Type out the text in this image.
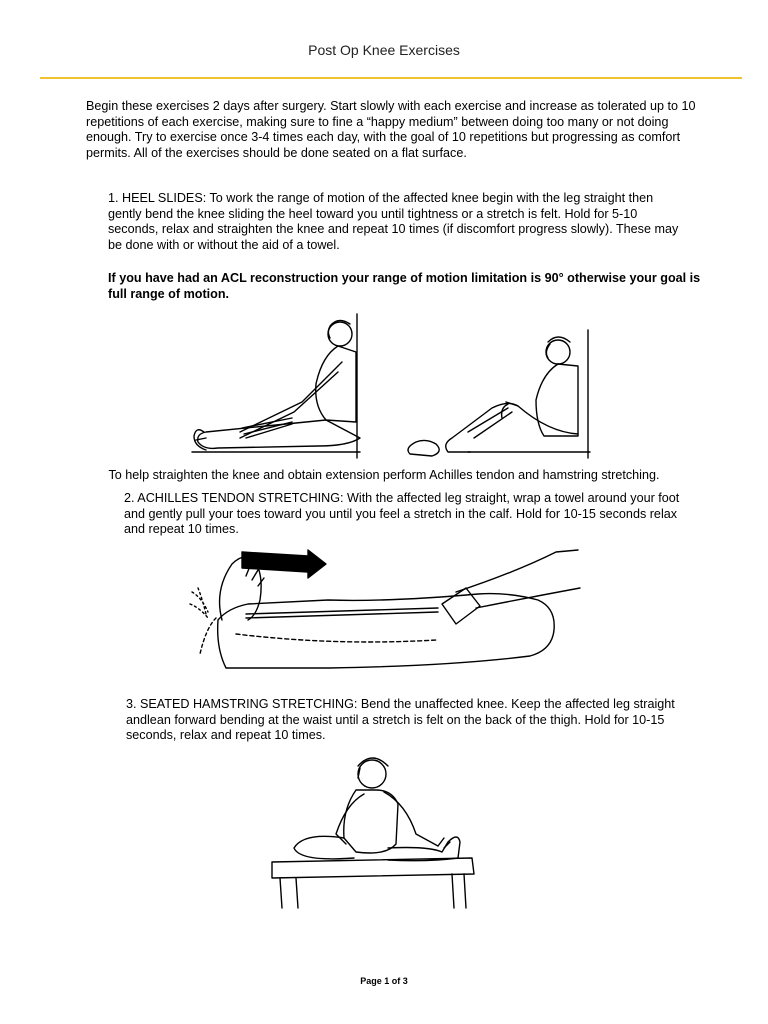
Post Op Knee Exercises

Begin these exercises 2 days after surgery. Start slowly with each exercise and increase as tolerated up to 10 repetitions of each exercise, making sure to fine a “happy medium” between doing too many or not doing enough. Try to exercise once 3-4 times each day, with the goal of 10 repetitions but progressing as comfort permits. All of the exercises should be done seated on a flat surface.

1. HEEL SLIDES: To work the range of motion of the affected knee begin with the leg straight then gently bend the knee sliding the heel toward you until tightness or a stretch is felt. Hold for 5-10 seconds, relax and straighten the knee and repeat 10 times (if discomfort progress slowly). These may be done with or without the aid of a towel.

If you have had an ACL reconstruction your range of motion limitation is 90° otherwise your goal is full range of motion.

To help straighten the knee and obtain extension perform Achilles tendon and hamstring stretching.

2. ACHILLES TENDON STRETCHING: With the affected leg straight, wrap a towel around your foot and gently pull your toes toward you until you feel a stretch in the calf. Hold for 10-15 seconds relax and repeat 10 times.

3. SEATED HAMSTRING STRETCHING: Bend the unaffected knee. Keep the affected leg straight andlean forward bending at the waist until a stretch is felt on the back of the thigh. Hold for 10-15 seconds, relax and repeat 10 times.

Page 1 of 3
